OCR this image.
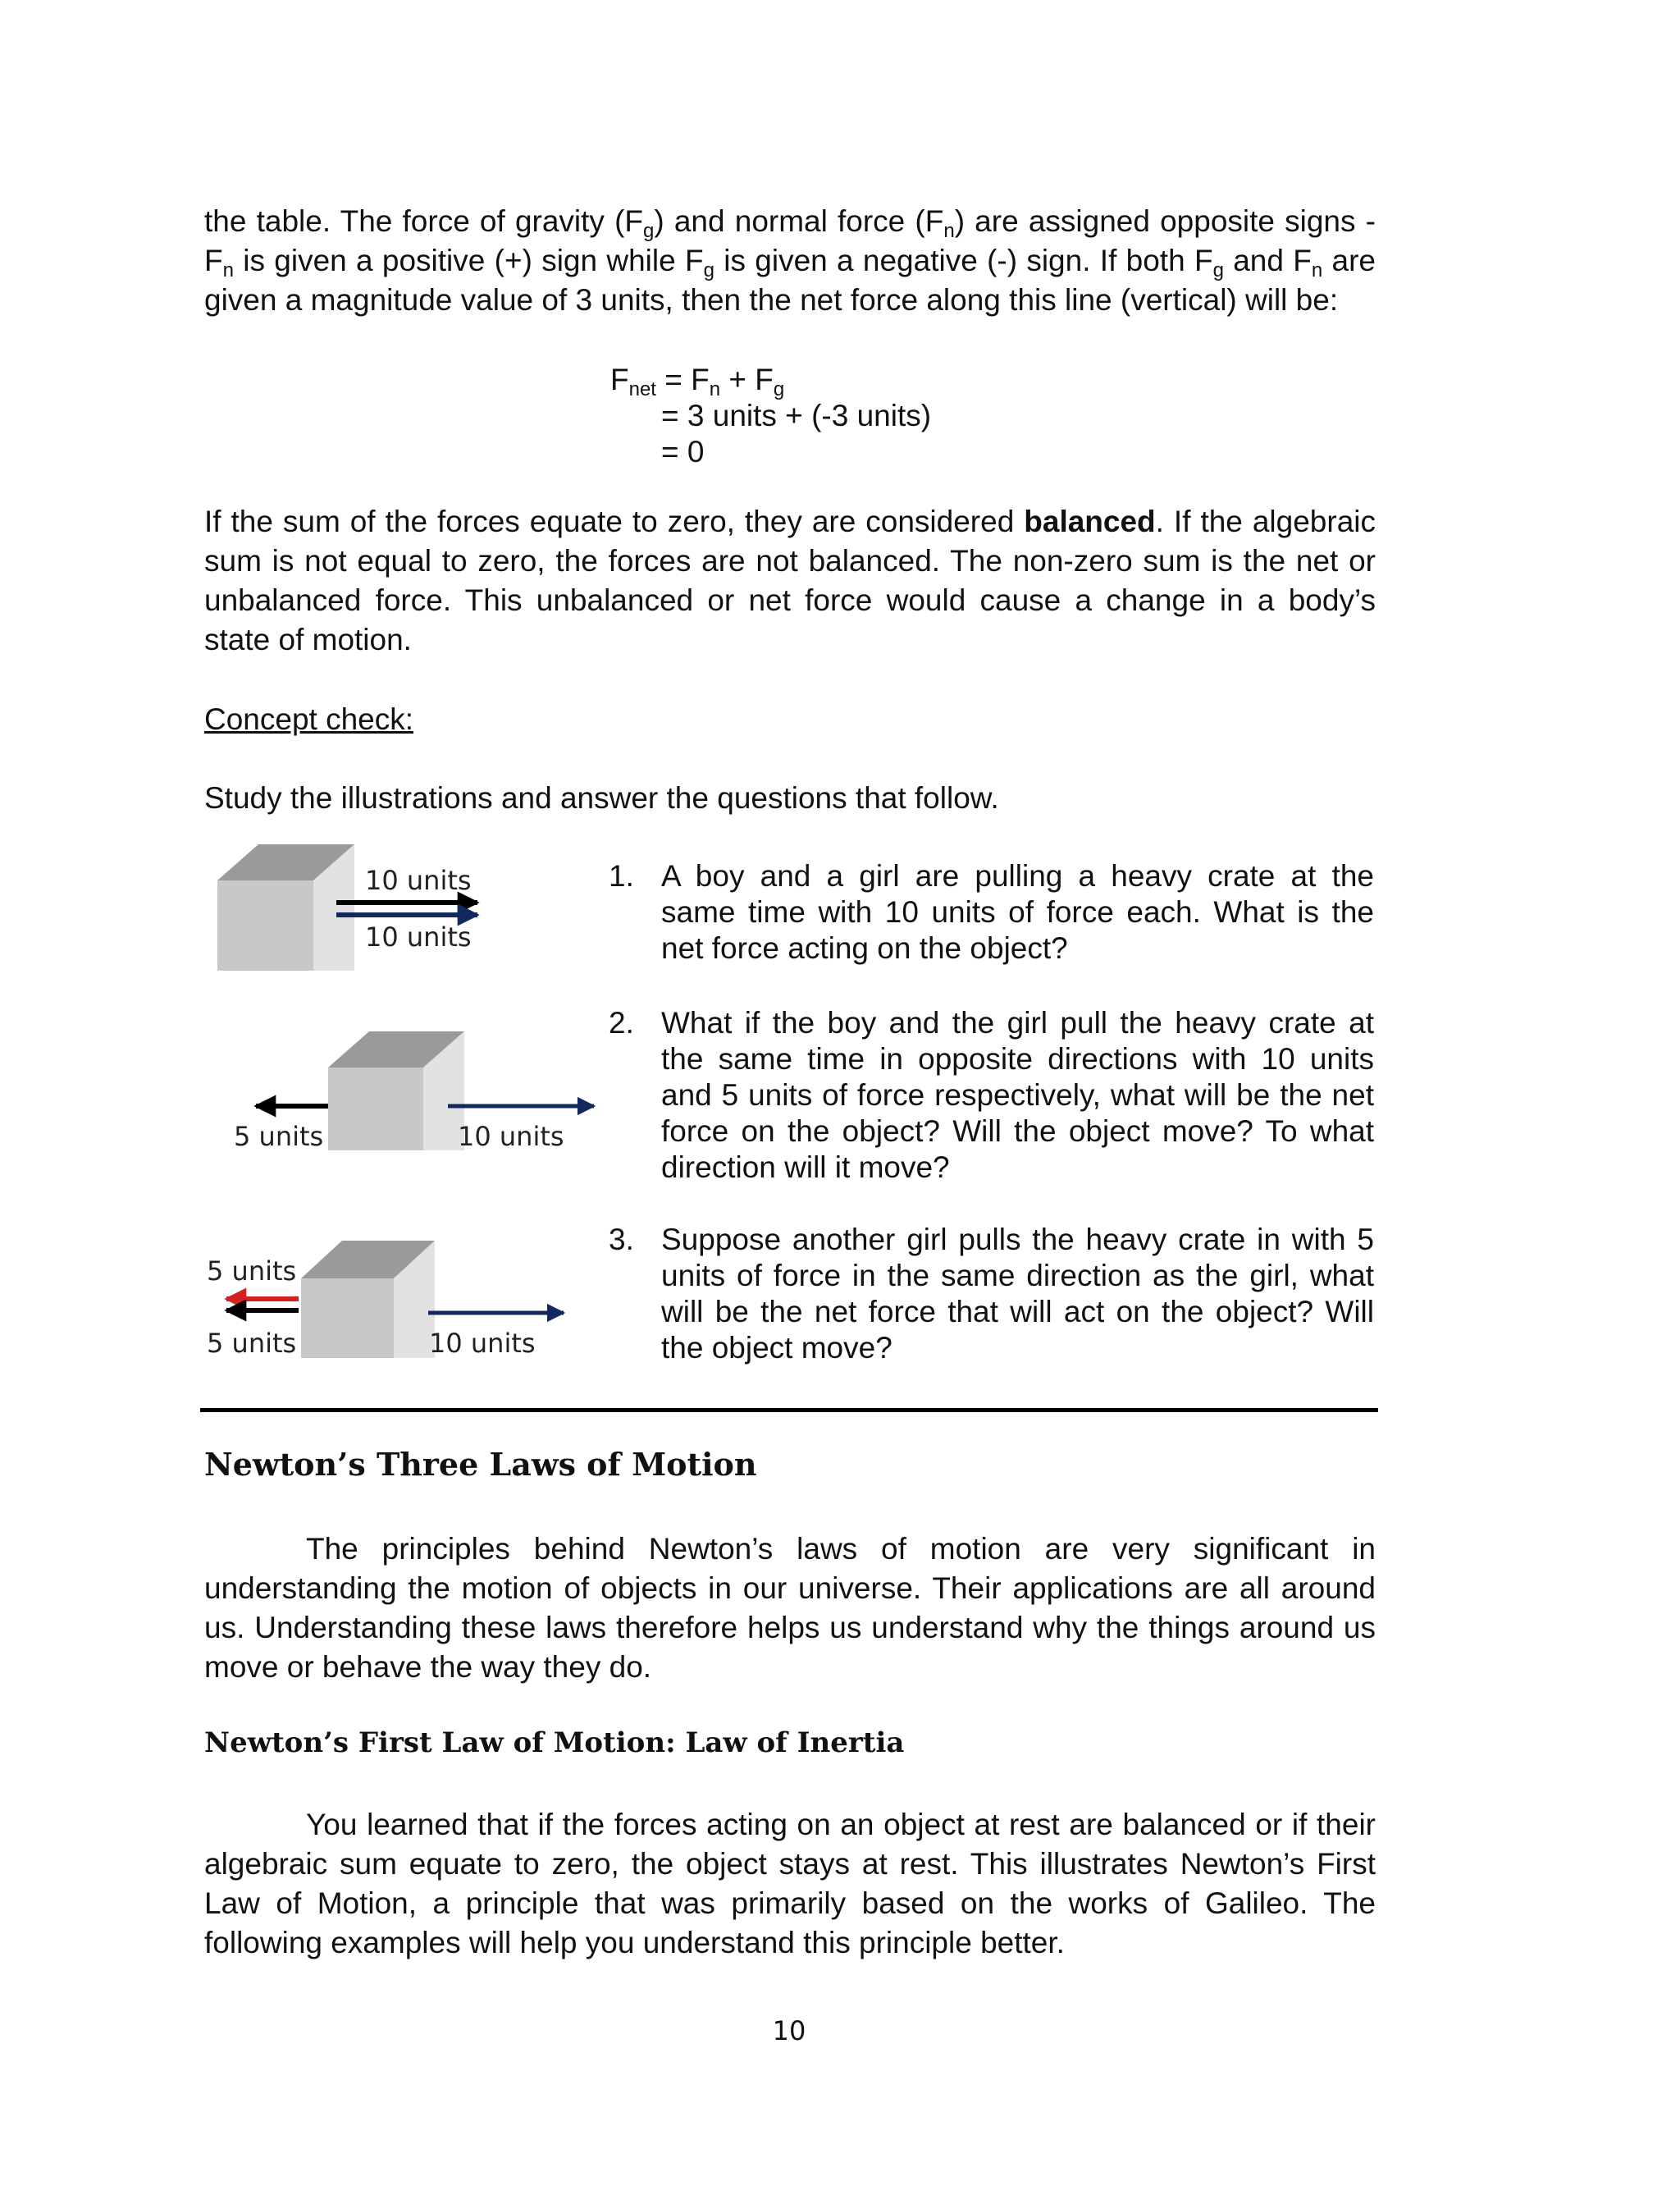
the table. The force of gravity $(F_g)$ and normal force $(F_n)$ are assigned opposite signs - $F_n$ is given a positive (+) sign while $F_g$ is given a negative (-) sign. If both $F_g$ and $F_n$ are given a magnitude value of 3 units, then the net force along this line (vertical) will be:

$F_{net} = F_n + F_g$
= 3 units + (-3 units)
= 0

If the sum of the forces equate to zero, they are considered balanced. If the algebraic sum is not equal to zero, the forces are not balanced. The non-zero sum is the net or unbalanced force. This unbalanced or net force would cause a change in a body’s state of motion.

Concept check:

Study the illustrations and answer the questions that follow.

10 units
10 units
5 units	10 units
5 units
5 units	10 units
1. A boy and a girl are pulling a heavy crate at the same time with 10 units of force each. What is the net force acting on the object?
2. What if the boy and the girl pull the heavy crate at the same time in opposite directions with 10 units and 5 units of force respectively, what will be the net force on the object? Will the object move? To what direction will it move?
3. Suppose another girl pulls the heavy crate in with 5 units of force in the same direction as the girl, what will be the net force that will act on the object? Will the object move?
Newton’s Three Laws of Motion

The principles behind Newton’s laws of motion are very significant in understanding the motion of objects in our universe. Their applications are all around us. Understanding these laws therefore helps us understand why the things around us move or behave the way they do.

Newton’s First Law of Motion: Law of Inertia

You learned that if the forces acting on an object at rest are balanced or if their algebraic sum equate to zero, the object stays at rest. This illustrates Newton’s First Law of Motion, a principle that was primarily based on the works of Galileo. The following examples will help you understand this principle better.

10
